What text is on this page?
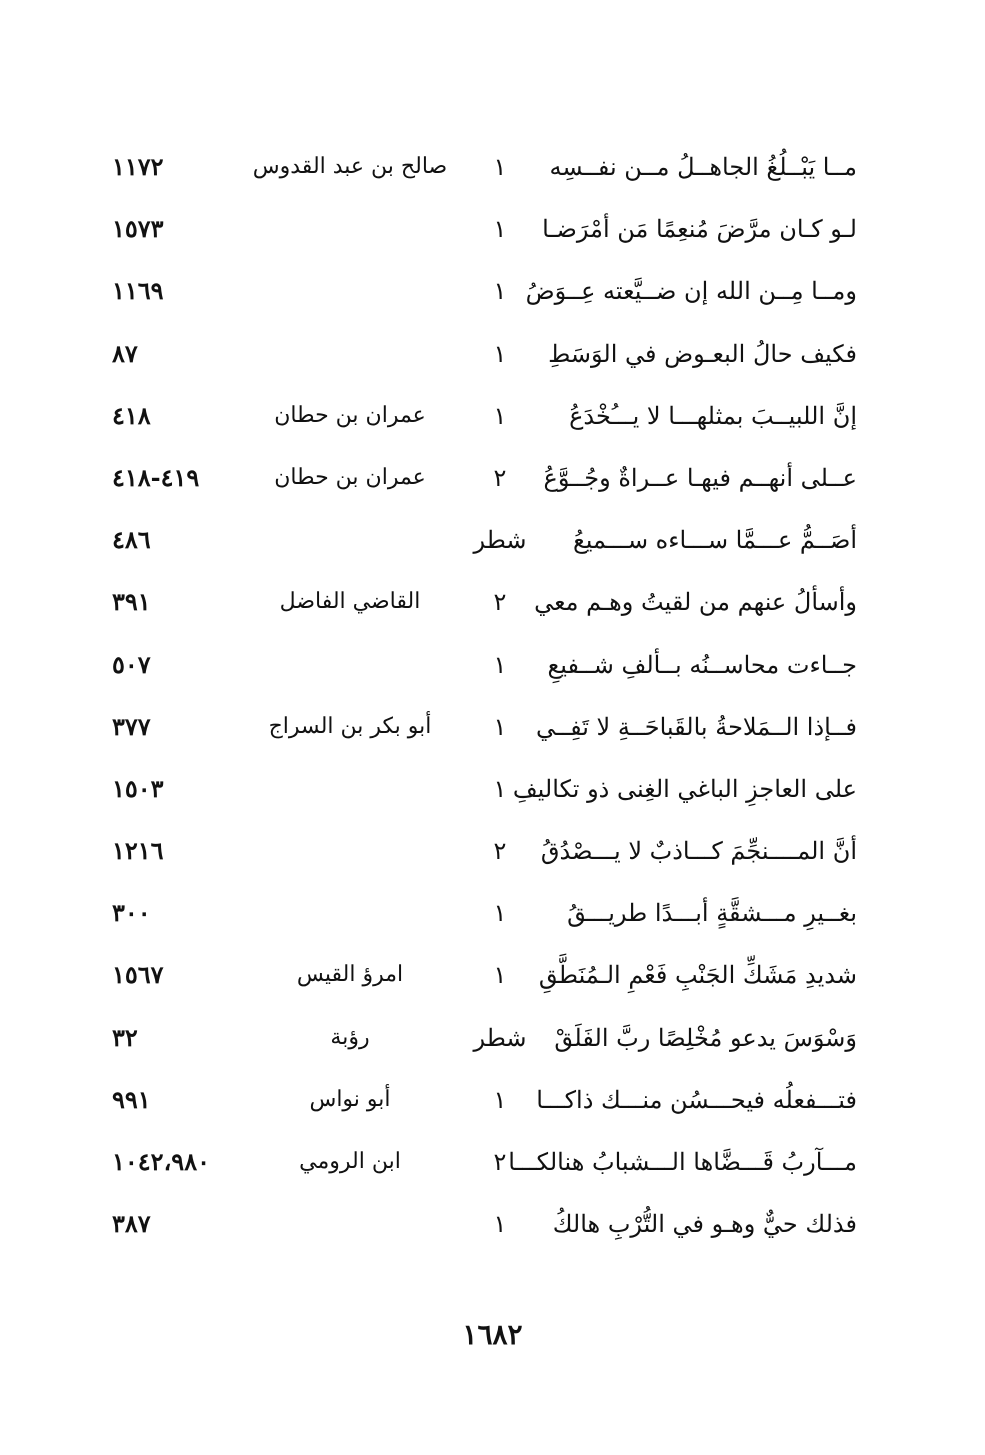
مــا يَبْــلُغُ الجاهــلُ مــن نفــسِه
١
صالح بن عبد القدوس
١١٧٢
لـو كـان مرَّضَ مُنعِمًا مَن أمْرَضـا
١
١٥٧٣
ومــا مِــن الله إن ضــيَّعته عِــوَضُ
١
١١٦٩
فكيف حالُ البعـوض في الوَسَطِ
١
٨٧
إنَّ اللبيــبَ بمثلهـــا لا يـــُخْدَعُ
١
عمران بن حطان
٤١٨
عــلى أنهــم فيهـا عــراةٌ وجُــوَّعُ
٢
عمران بن حطان
٤١٩-٤١٨
أصَــمُّ عـــمَّا ســـاءه ســـميعُ
شطر
٤٨٦
وأسألُ عنهم من لقيتُ وهـم معي
٢
القاضي الفاضل
٣٩١
جــاءت محاســنُه بــألفِ شــفيعِ
١
٥٠٧
فــإذا الــمَلاحةُ بالقَباحَــةِ لا تَفِــي
١
أبو بكر بن السراج
٣٧٧
على العاجزِ الباغي الغِنى ذو تكاليفِ
١
١٥٠٣
أنَّ المــــنجِّمَ كـــاذبٌ لا يـــصْدُقُ
٢
١٢١٦
بغــيرِ مـــشقَّةٍ أبـــدًا طريـــقُ
١
٣٠٠
شديدِ مَشَكِّ الجَنْبِ فَعْمِ الـمُنَطَّقِ
١
امرؤ القيس
١٥٦٧
وَسْوَسَ يدعو مُخْلِصًا ربَّ الفَلَقْ
شطر
رؤبة
٣٢
فتـــفعلُه فيحـــسُن منـــك ذاكـــا
١
أبو نواس
٩٩١
مـــآربُ قَـــضَّاها الـــشبابُ هنالكـــا
٢
ابن الرومي
١٠٤٢،٩٨٠
فذلك حيٌّ وهـو في التُّرْبِ هالكُ
١
٣٨٧
١٦٨٢
